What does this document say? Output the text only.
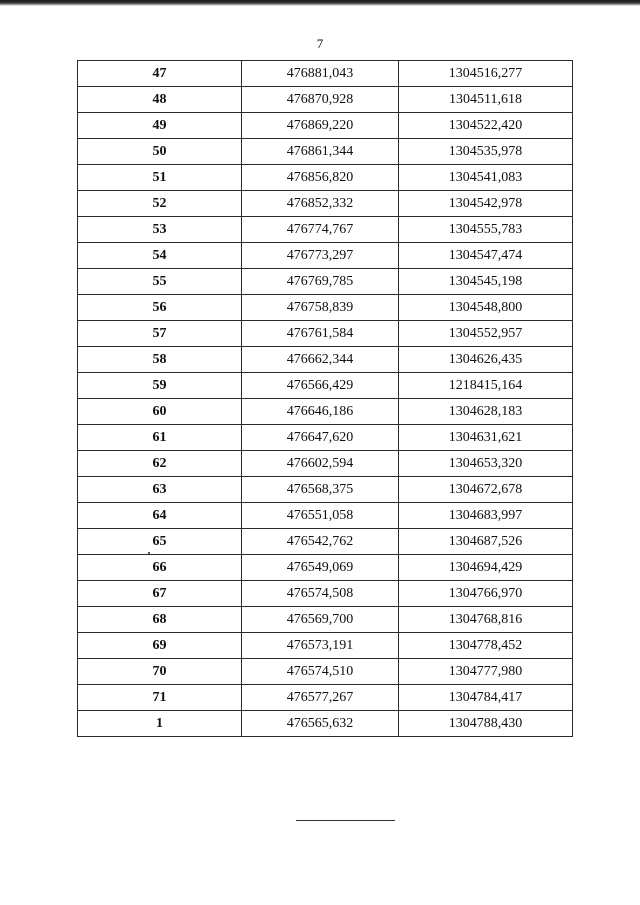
7
47	476881,043	1304516,277
48	476870,928	1304511,618
49	476869,220	1304522,420
50	476861,344	1304535,978
51	476856,820	1304541,083
52	476852,332	1304542,978
53	476774,767	1304555,783
54	476773,297	1304547,474
55	476769,785	1304545,198
56	476758,839	1304548,800
57	476761,584	1304552,957
58	476662,344	1304626,435
59	476566,429	1218415,164
60	476646,186	1304628,183
61	476647,620	1304631,621
62	476602,594	1304653,320
63	476568,375	1304672,678
64	476551,058	1304683,997
65	476542,762	1304687,526
66	476549,069	1304694,429
67	476574,508	1304766,970
68	476569,700	1304768,816
69	476573,191	1304778,452
70	476574,510	1304777,980
71	476577,267	1304784,417
1	476565,632	1304788,430
